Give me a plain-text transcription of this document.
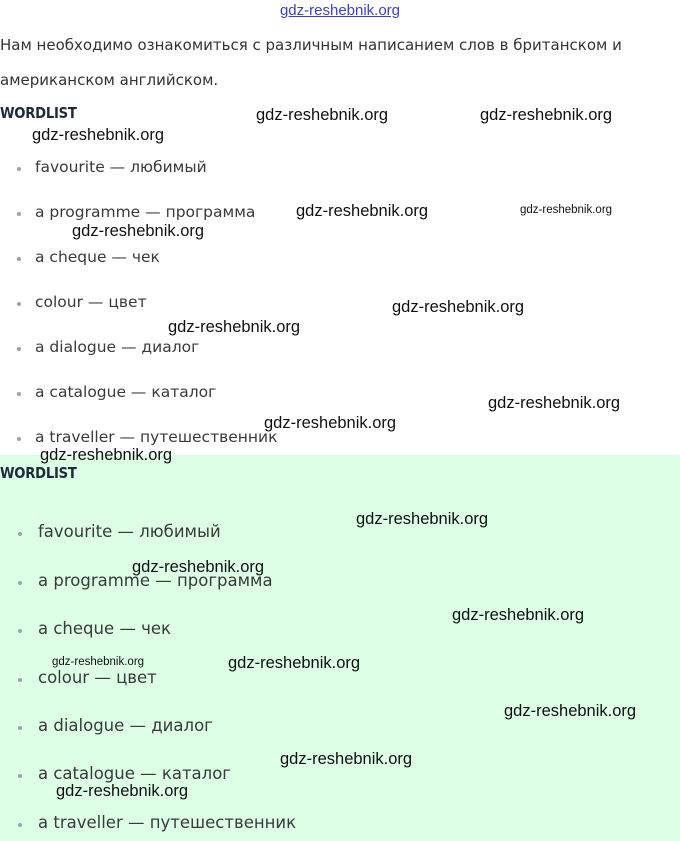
gdz-reshebnik.org
Нам необходимо ознакомиться с различным написанием слов в британском и американском английском.
WORDLIST
favourite — любимый
a programme — программа
a cheque — чек
colour — цвет
a dialogue — диалог
a catalogue — каталог
a traveller — путешественник
WORDLIST
favourite — любимый
a programme — программа
a cheque — чек
colour — цвет
a dialogue — диалог
a catalogue — каталог
a traveller — путешественник
gdz-reshebnik.org	gdz-reshebnik.org
gdz-reshebnik.org
gdz-reshebnik.org	gdz-reshebnik.org
gdz-reshebnik.org
gdz-reshebnik.org
gdz-reshebnik.org
gdz-reshebnik.org
gdz-reshebnik.org
gdz-reshebnik.org
gdz-reshebnik.org
gdz-reshebnik.org
gdz-reshebnik.org
gdz-reshebnik.org	gdz-reshebnik.org
gdz-reshebnik.org
gdz-reshebnik.org
gdz-reshebnik.org
